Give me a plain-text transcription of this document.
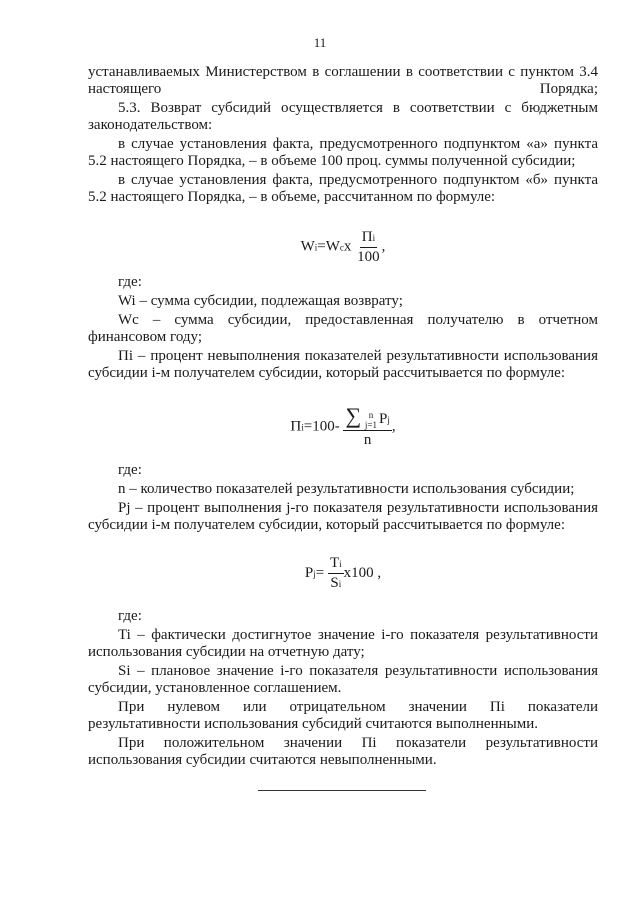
11

устанавливаемых Министерством в соглашении в соответствии с пунктом 3.4 настоящего Порядка;

5.3. Возврат субсидий осуществляется в соответствии с бюджетным законодательством:

в случае установления факта, предусмотренного подпунктом «а» пункта 5.2 настоящего Порядка, – в объеме 100 проц. суммы полученной субсидии;

в случае установления факта, предусмотренного подпунктом «б» пункта 5.2 настоящего Порядка, – в объеме, рассчитанном по формуле:

$Wi=Wcx \frac{Пi}{100}$ ,

где:

Wi – сумма субсидии, подлежащая возврату;

Wc – сумма субсидии, предоставленная получателю в отчетном финансовом году;

Пi – процент невыполнения показателей результативности использования субсидии i-м получателем субсидии, который рассчитывается по формуле:

Пi=100- ∑ n
j=1 Pj
n ,

где:

n – количество показателей результативности использования субсидии;

Pj – процент выполнения j-го показателя результативности использования субсидии i-м получателем субсидии, который рассчитывается по формуле:

$Pj= \frac{Ti}{Si} x100$ ,

где:

Ti – фактически достигнутое значение i-го показателя результативности использования субсидии на отчетную дату;

Si – плановое значение i-го показателя результативности использования субсидии, установленное соглашением.

При нулевом или отрицательном значении Пi показатели результативности использования субсидий считаются выполненными.

При положительном значении Пi показатели результативности использования субсидии считаются невыполненными.
